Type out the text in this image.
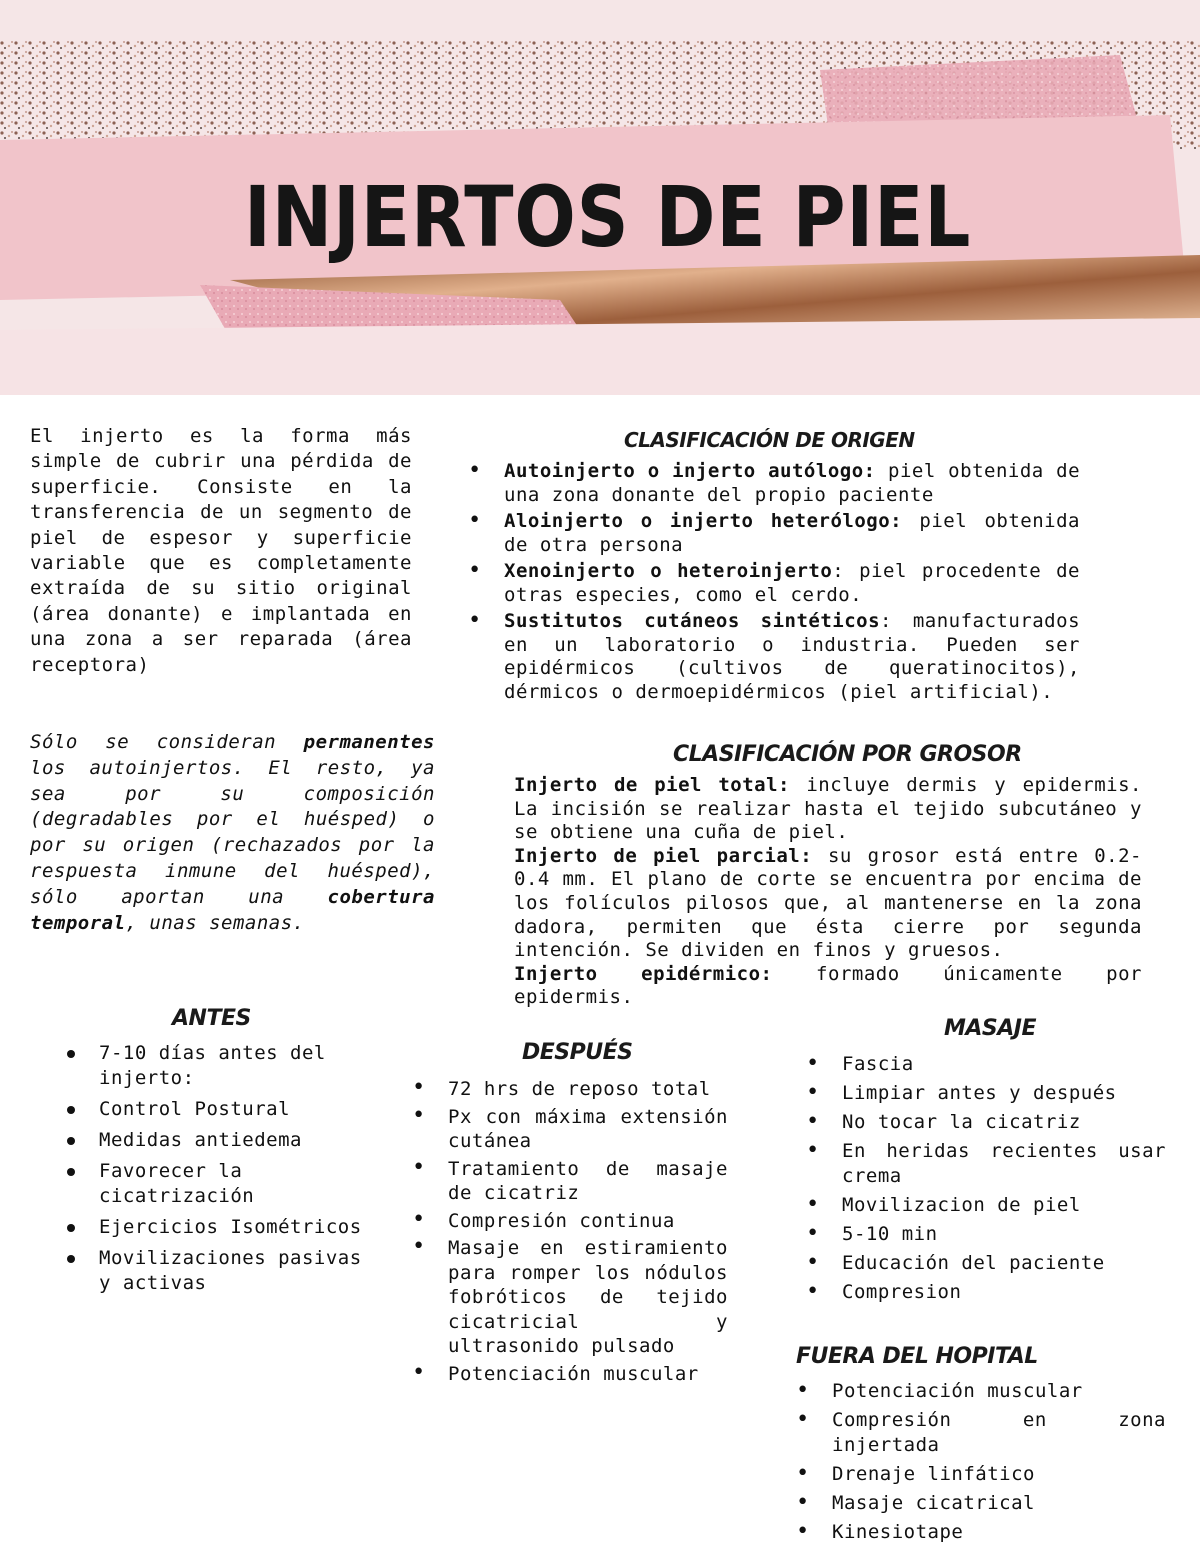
INJERTOS DE PIEL
El injerto es la forma más simple de cubrir una pérdida de superficie. Consiste en la transferencia de un segmento de piel de espesor y superficie variable que es completamente extraída de su sitio original (área donante) e implantada en una zona a ser reparada (área receptora)
Sólo se consideran permanentes los autoinjertos. El resto, ya sea por su composición (degradables por el huésped) o por su origen (rechazados por la respuesta inmune del huésped), sólo aportan una cobertura temporal, unas semanas.
CLASIFICACIÓN DE ORIGEN
• Autoinjerto o injerto autólogo: piel obtenida de una zona donante del propio paciente
• Aloinjerto o injerto heterólogo: piel obtenida de otra persona
• Xenoinjerto o heteroinjerto: piel procedente de otras especies, como el cerdo.
• Sustitutos cutáneos sintéticos: manufacturados en un laboratorio o industria. Pueden ser epidérmicos (cultivos de queratinocitos), dérmicos o dermoepidérmicos (piel artificial).
CLASIFICACIÓN POR GROSOR
Injerto de piel total: incluye dermis y epidermis. La incisión se realizar hasta el tejido subcutáneo y se obtiene una cuña de piel.
Injerto de piel parcial: su grosor está entre 0.2-0.4 mm. El plano de corte se encuentra por encima de los folículos pilosos que, al mantenerse en la zona dadora, permiten que ésta cierre por segunda intención. Se dividen en finos y gruesos.
Injerto epidérmico: formado únicamente por epidermis.
ANTES
7-10 días antes del injerto:
Control Postural
Medidas antiedema
Favorecer la cicatrización
Ejercicios Isométricos
Movilizaciones pasivas y activas
DESPUÉS
• 72 hrs de reposo total
• Px con máxima extensión cutánea
• Tratamiento de masaje de cicatriz
• Compresión continua
• Masaje en estiramiento para romper los nódulos fobróticos de tejido cicatricial y ultrasonido pulsado
• Potenciación muscular
MASAJE
• Fascia
• Limpiar antes y después
• No tocar la cicatriz
• En heridas recientes usar crema
• Movilizacion de piel
• 5-10 min
• Educación del paciente
• Compresion
FUERA DEL HOPITAL
• Potenciación muscular
• Compresión en zona injertada
• Drenaje linfático
• Masaje cicatrical
• Kinesiotape
